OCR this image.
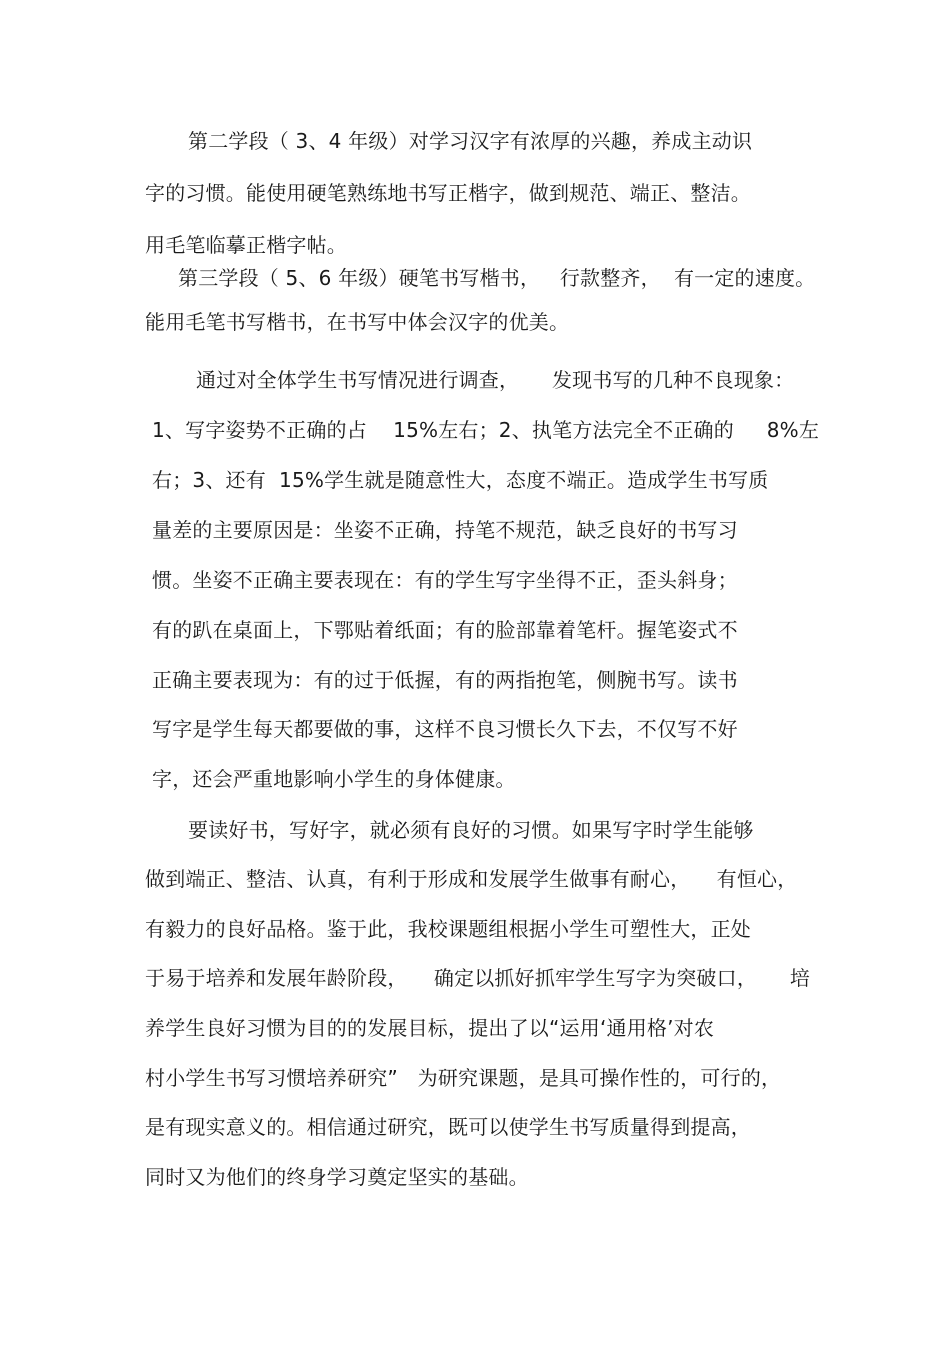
第二学段（ 3、4 年级）对学习汉字有浓厚的兴趣，养成主动识
字的习惯。能使用硬笔熟练地书写正楷字，做到规范、端正、整洁。
用毛笔临摹正楷字帖。
第三学段（ 5、6 年级）硬笔书写楷书，   行款整齐，  有一定的速度。
能用毛笔书写楷书，在书写中体会汉字的优美。
通过对全体学生书写情况进行调查，     发现书写的几种不良现象：
1、写字姿势不正确的占    15%左右；2、执笔方法完全不正确的     8%左
右；3、还有  15%学生就是随意性大，态度不端正。造成学生书写质
量差的主要原因是：坐姿不正确，持笔不规范，缺乏良好的书写习
惯。坐姿不正确主要表现在：有的学生写字坐得不正，歪头斜身；
有的趴在桌面上，下鄂贴着纸面；有的脸部靠着笔杆。握笔姿式不
正确主要表现为：有的过于低握，有的两指抱笔，侧腕书写。读书
写字是学生每天都要做的事，这样不良习惯长久下去，不仅写不好
字，还会严重地影响小学生的身体健康。
要读好书，写好字，就必须有良好的习惯。如果写字时学生能够
做到端正、整洁、认真，有利于形成和发展学生做事有耐心，    有恒心，
有毅力的良好品格。鉴于此，我校课题组根据小学生可塑性大，正处
于易于培养和发展年龄阶段，    确定以抓好抓牢学生写字为突破口，     培
养学生良好习惯为目的的发展目标，提出了以“运用‘通用格’对农
村小学生书写习惯培养研究”   为研究课题，是具可操作性的，可行的，
是有现实意义的。相信通过研究，既可以使学生书写质量得到提高，
同时又为他们的终身学习奠定坚实的基础。
